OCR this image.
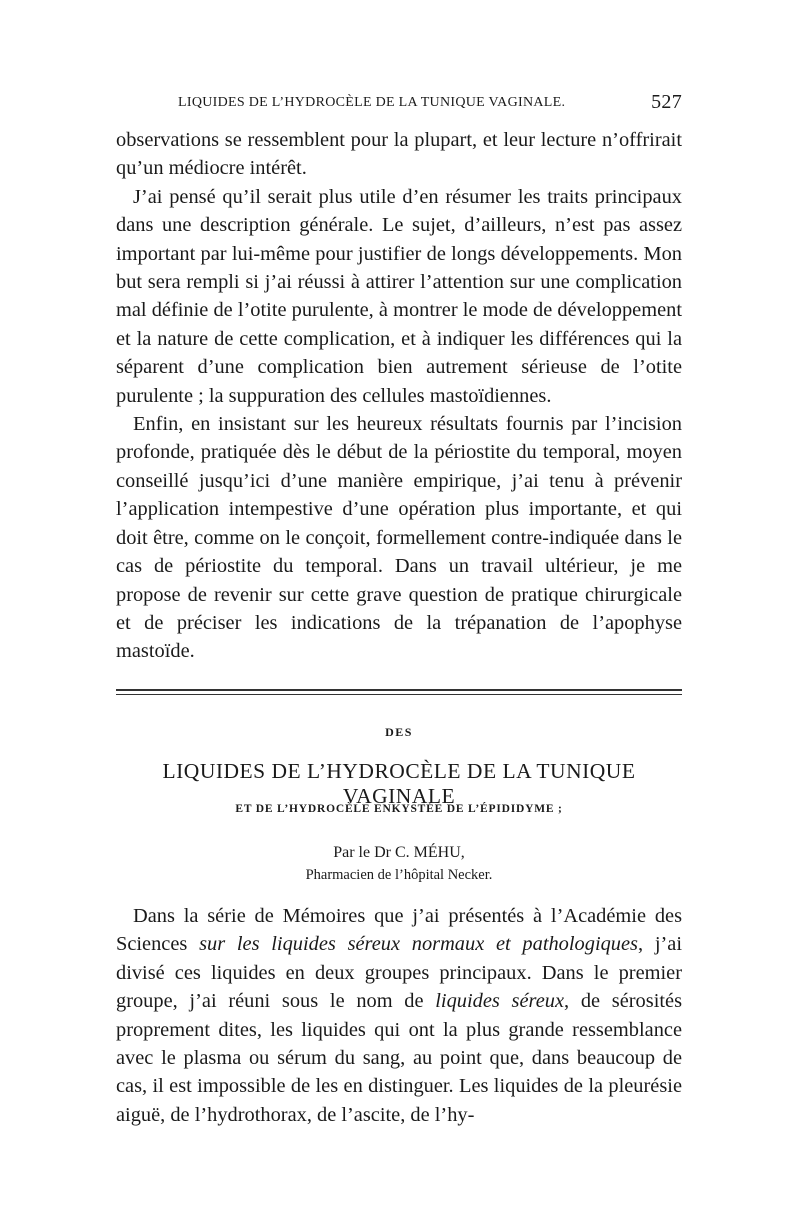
LIQUIDES DE L’HYDROCÈLE DE LA TUNIQUE VAGINALE.	527

observations se ressemblent pour la plupart, et leur lecture n’offrirait qu’un médiocre intérêt.

J’ai pensé qu’il serait plus utile d’en résumer les traits principaux dans une description générale. Le sujet, d’ailleurs, n’est pas assez important par lui-même pour justifier de longs développements. Mon but sera rempli si j’ai réussi à attirer l’attention sur une complication mal définie de l’otite purulente, à montrer le mode de développement et la nature de cette complication, et à indiquer les différences qui la séparent d’une complication bien autrement sérieuse de l’otite purulente ; la suppuration des cellules mastoïdiennes.

Enfin, en insistant sur les heureux résultats fournis par l’incision profonde, pratiquée dès le début de la périostite du temporal, moyen conseillé jusqu’ici d’une manière empirique, j’ai tenu à prévenir l’application intempestive d’une opération plus importante, et qui doit être, comme on le conçoit, formellement contre-indiquée dans le cas de périostite du temporal. Dans un travail ultérieur, je me propose de revenir sur cette grave question de pratique chirurgicale et de préciser les indications de la trépanation de l’apophyse mastoïde.

DES
LIQUIDES DE L’HYDROCÈLE DE LA TUNIQUE VAGINALE
ET DE L’HYDROCÈLE ENKYSTÉE DE L’ÉPIDIDYME ;
Par le Dr C. MÉHU,
Pharmacien de l’hôpital Necker.

Dans la série de Mémoires que j’ai présentés à l’Académie des Sciences sur les liquides séreux normaux et pathologiques, j’ai divisé ces liquides en deux groupes principaux. Dans le premier groupe, j’ai réuni sous le nom de liquides séreux, de sérosités proprement dites, les liquides qui ont la plus grande ressemblance avec le plasma ou sérum du sang, au point que, dans beaucoup de cas, il est impossible de les en distinguer. Les liquides de la pleurésie aiguë, de l’hydrothorax, de l’ascite, de l’hy-
